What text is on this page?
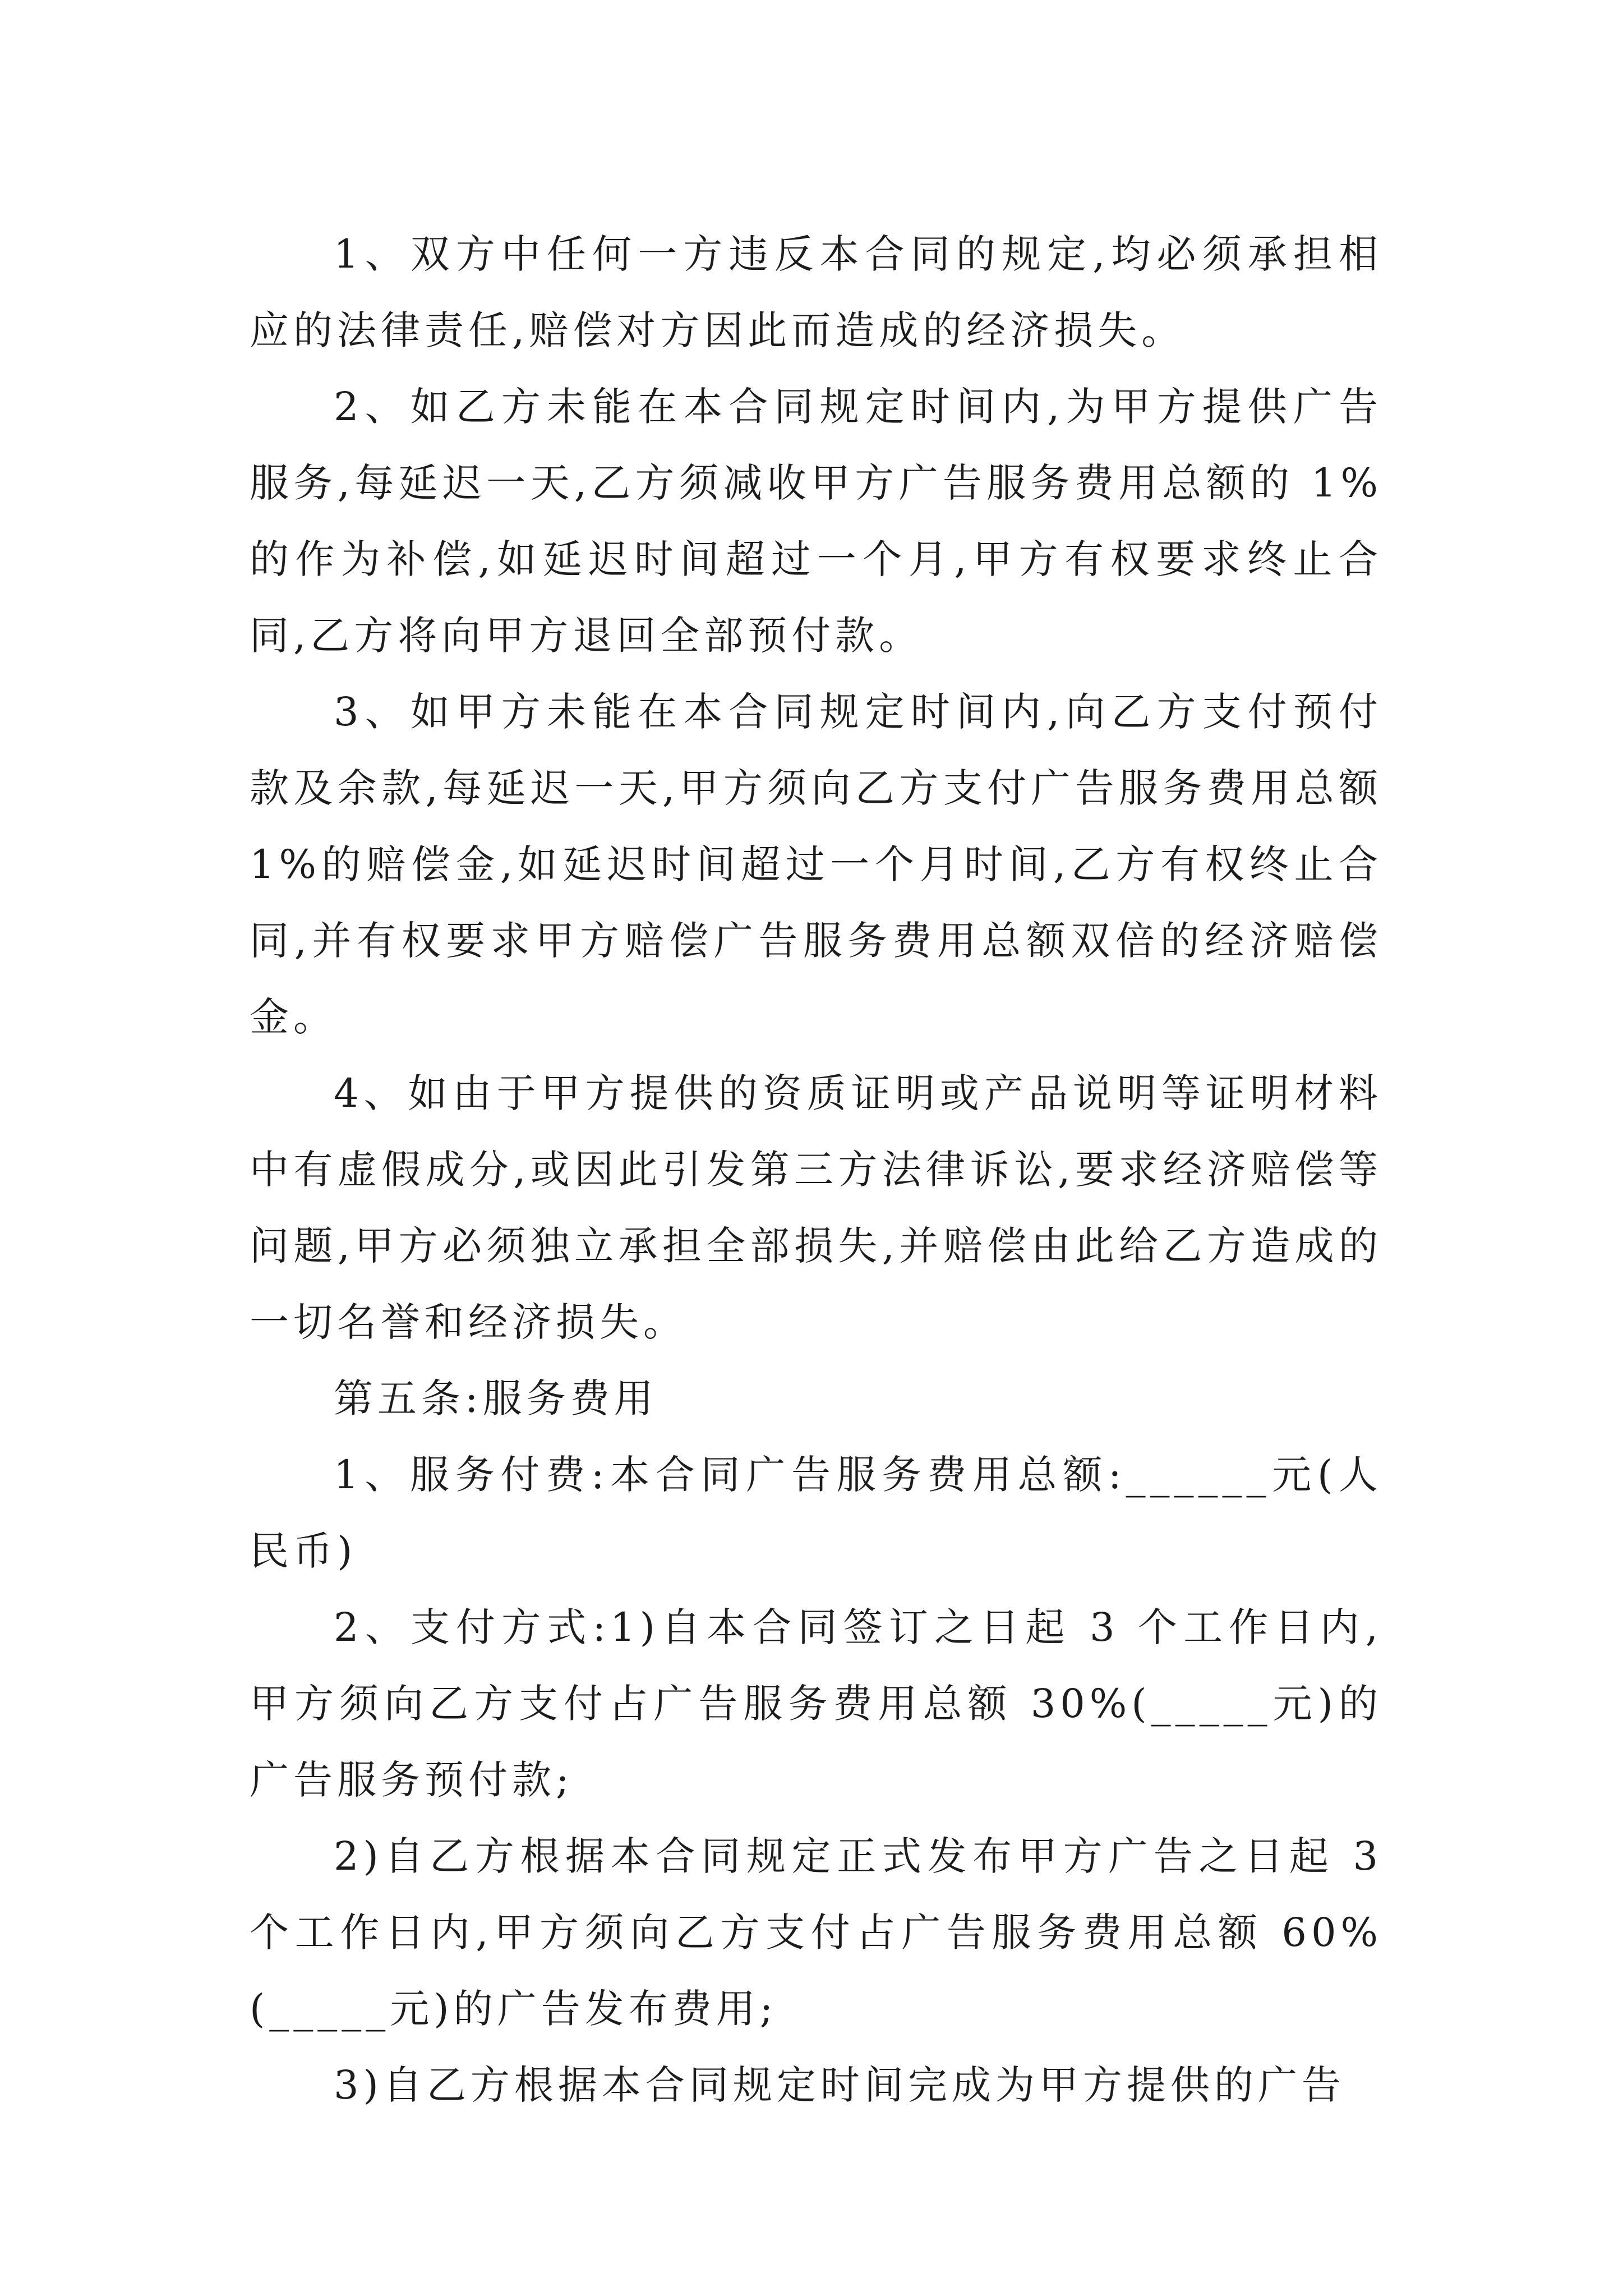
1、双方中任何一方违反本合同的规定,均必须承担相应的法律责任,赔偿对方因此而造成的经济损失。

2、如乙方未能在本合同规定时间内,为甲方提供广告服务,每延迟一天,乙方须减收甲方广告服务费用总额的 1%的作为补偿,如延迟时间超过一个月,甲方有权要求终止合同,乙方将向甲方退回全部预付款。

3、如甲方未能在本合同规定时间内,向乙方支付预付款及余款,每延迟一天,甲方须向乙方支付广告服务费用总额 1%的赔偿金,如延迟时间超过一个月时间,乙方有权终止合同,并有权要求甲方赔偿广告服务费用总额双倍的经济赔偿金。

4、如由于甲方提供的资质证明或产品说明等证明材料中有虚假成分,或因此引发第三方法律诉讼,要求经济赔偿等问题,甲方必须独立承担全部损失,并赔偿由此给乙方造成的一切名誉和经济损失。

第五条:服务费用

1、服务付费:本合同广告服务费用总额:______元(人民币)

2、支付方式:1)自本合同签订之日起 3 个工作日内,甲方须向乙方支付占广告服务费用总额 30%(_____元)的广告服务预付款;

2)自乙方根据本合同规定正式发布甲方广告之日起 3 个工作日内,甲方须向乙方支付占广告服务费用总额 60%(_____元)的广告发布费用;

3)自乙方根据本合同规定时间完成为甲方提供的广告
